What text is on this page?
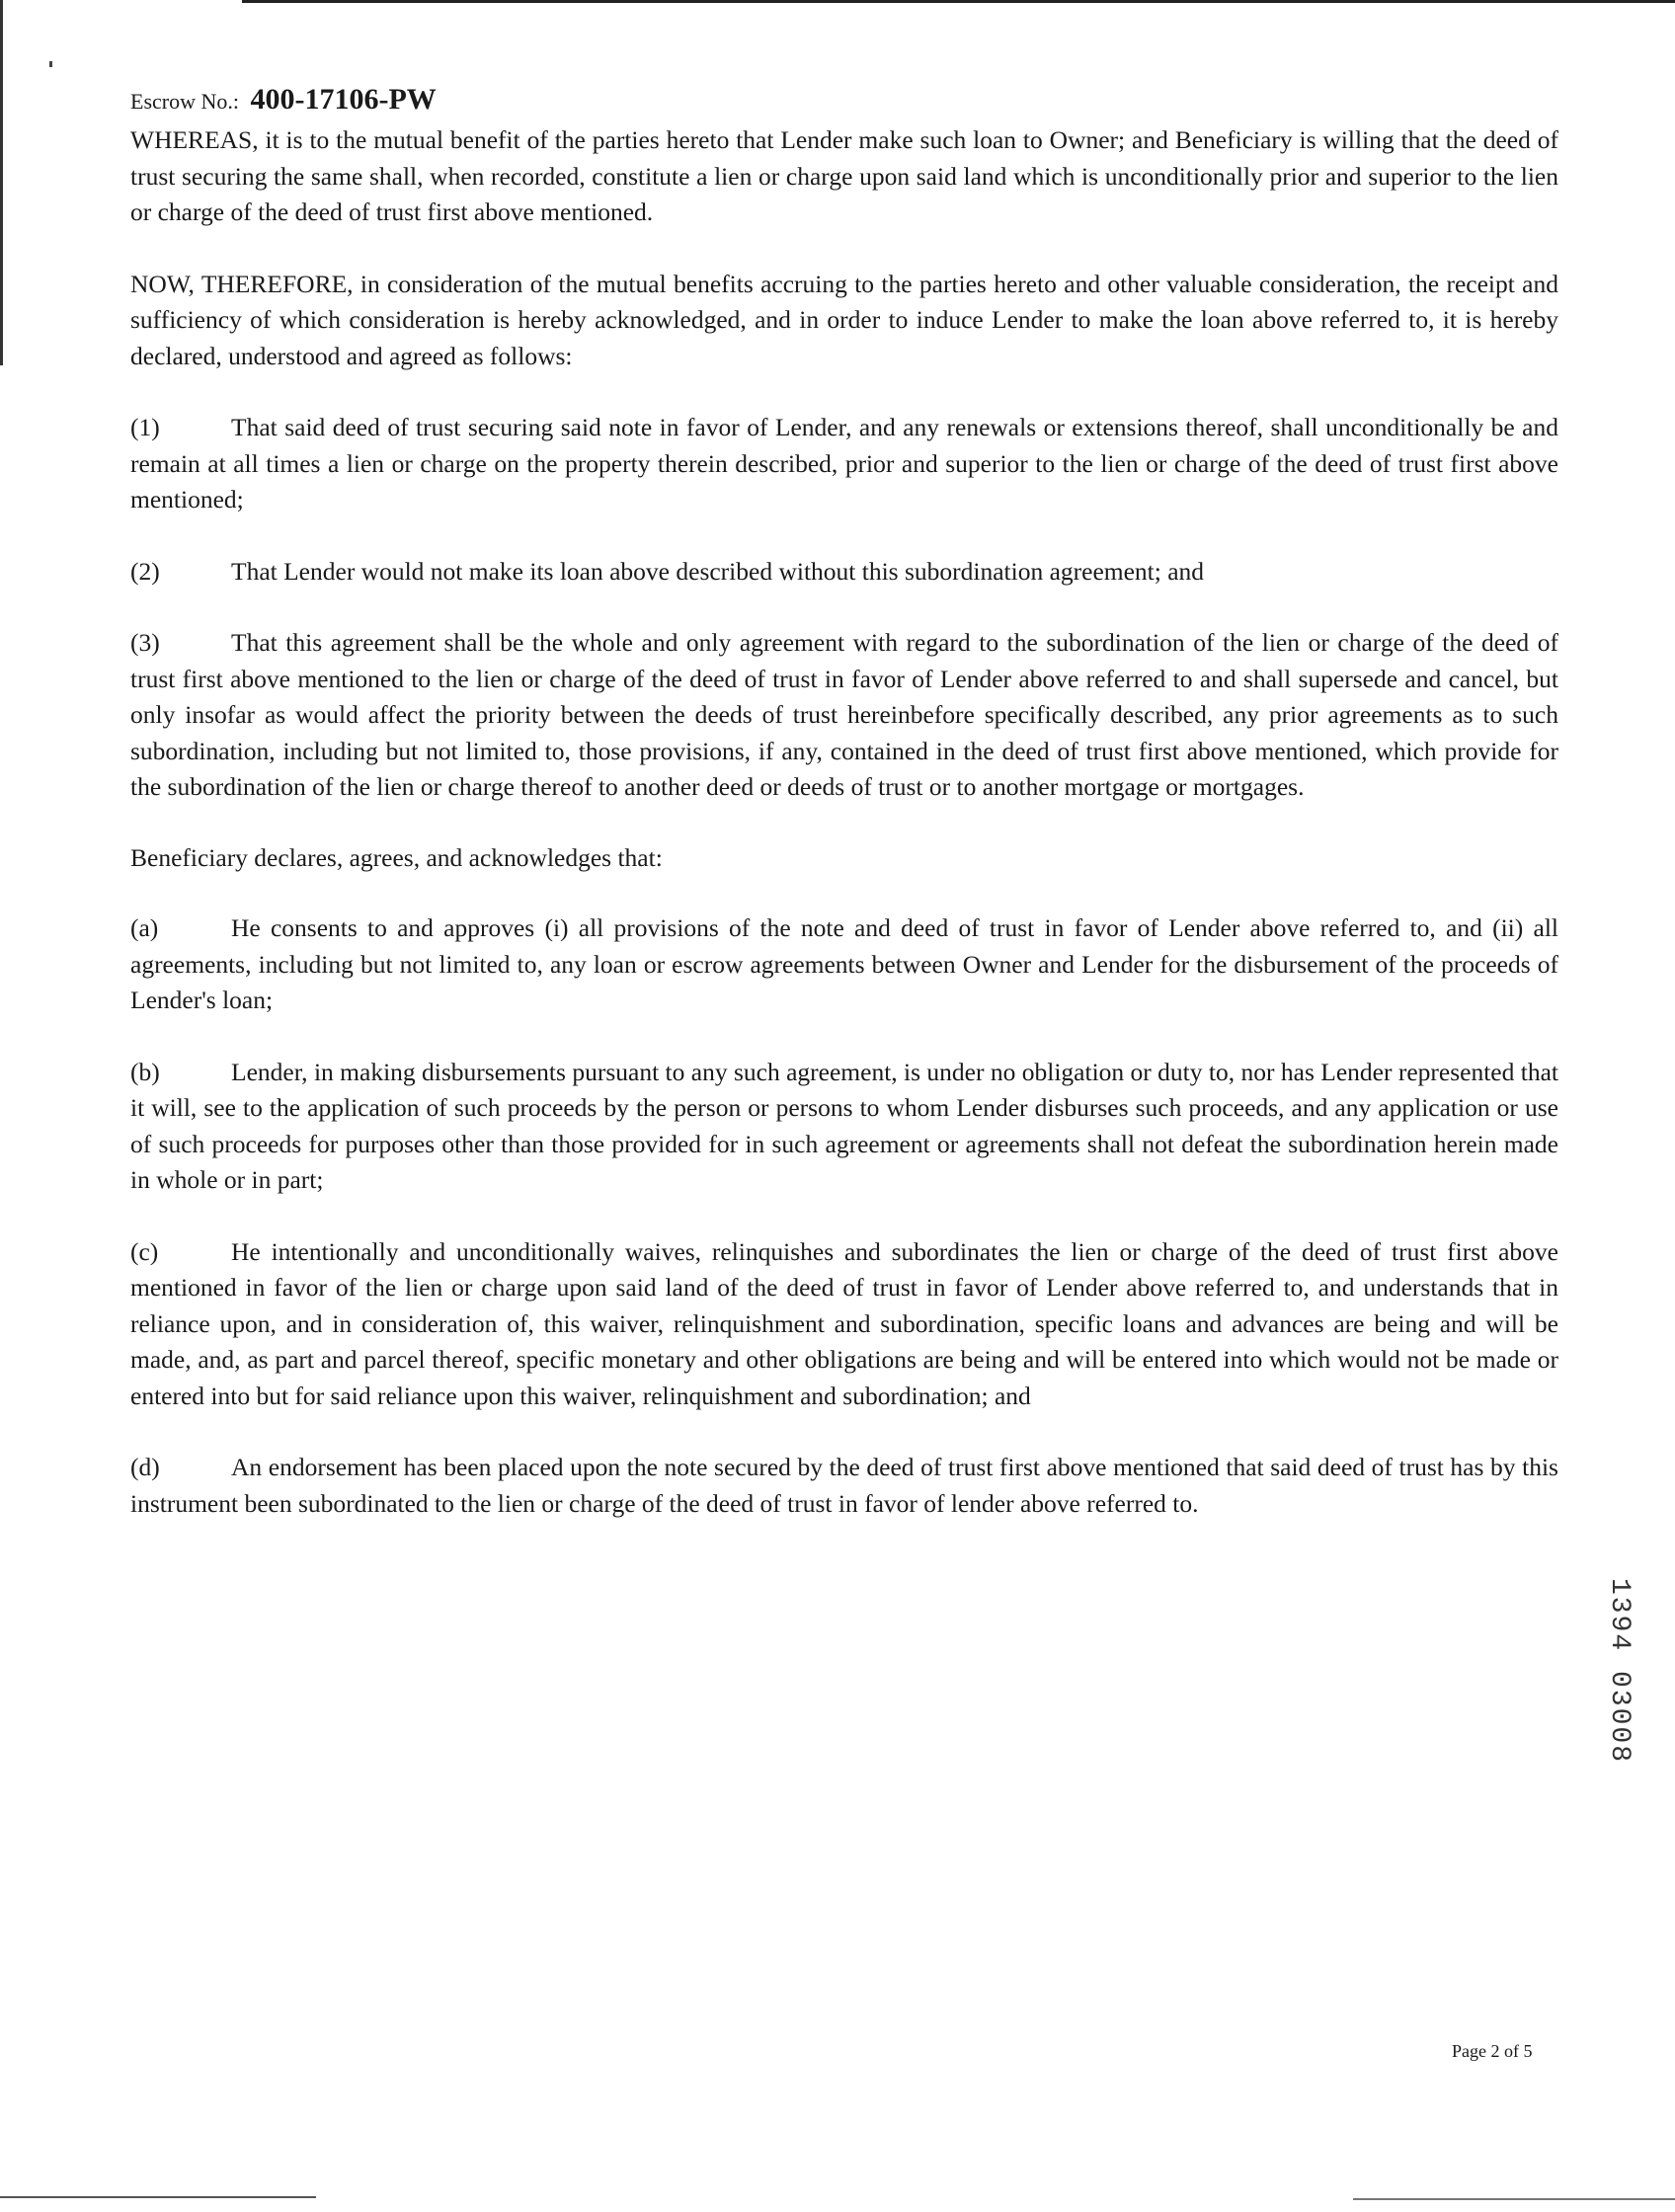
Escrow No.: 400-17106-PW

WHEREAS, it is to the mutual benefit of the parties hereto that Lender make such loan to Owner; and Beneficiary is willing that the deed of trust securing the same shall, when recorded, constitute a lien or charge upon said land which is unconditionally prior and superior to the lien or charge of the deed of trust first above mentioned.

NOW, THEREFORE, in consideration of the mutual benefits accruing to the parties hereto and other valuable consideration, the receipt and sufficiency of which consideration is hereby acknowledged, and in order to induce Lender to make the loan above referred to, it is hereby declared, understood and agreed as follows:

(1)	That said deed of trust securing said note in favor of Lender, and any renewals or extensions thereof, shall unconditionally be and remain at all times a lien or charge on the property therein described, prior and superior to the lien or charge of the deed of trust first above mentioned;

(2)	That Lender would not make its loan above described without this subordination agreement; and

(3)	That this agreement shall be the whole and only agreement with regard to the subordination of the lien or charge of the deed of trust first above mentioned to the lien or charge of the deed of trust in favor of Lender above referred to and shall supersede and cancel, but only insofar as would affect the priority between the deeds of trust hereinbefore specifically described, any prior agreements as to such subordination, including but not limited to, those provisions, if any, contained in the deed of trust first above mentioned, which provide for the subordination of the lien or charge thereof to another deed or deeds of trust or to another mortgage or mortgages.

Beneficiary declares, agrees, and acknowledges that:

(a)	He consents to and approves (i) all provisions of the note and deed of trust in favor of Lender above referred to, and (ii) all agreements, including but not limited to, any loan or escrow agreements between Owner and Lender for the disbursement of the proceeds of Lender's loan;

(b)	Lender, in making disbursements pursuant to any such agreement, is under no obligation or duty to, nor has Lender represented that it will, see to the application of such proceeds by the person or persons to whom Lender disburses such proceeds, and any application or use of such proceeds for purposes other than those provided for in such agreement or agreements shall not defeat the subordination herein made in whole or in part;

(c)	He intentionally and unconditionally waives, relinquishes and subordinates the lien or charge of the deed of trust first above mentioned in favor of the lien or charge upon said land of the deed of trust in favor of Lender above referred to, and understands that in reliance upon, and in consideration of, this waiver, relinquishment and subordination, specific loans and advances are being and will be made, and, as part and parcel thereof, specific monetary and other obligations are being and will be entered into which would not be made or entered into but for said reliance upon this waiver, relinquishment and subordination; and

(d)	An endorsement has been placed upon the note secured by the deed of trust first above mentioned that said deed of trust has by this instrument been subordinated to the lien or charge of the deed of trust in favor of lender above referred to.

1394 03008
Page 2 of 5
